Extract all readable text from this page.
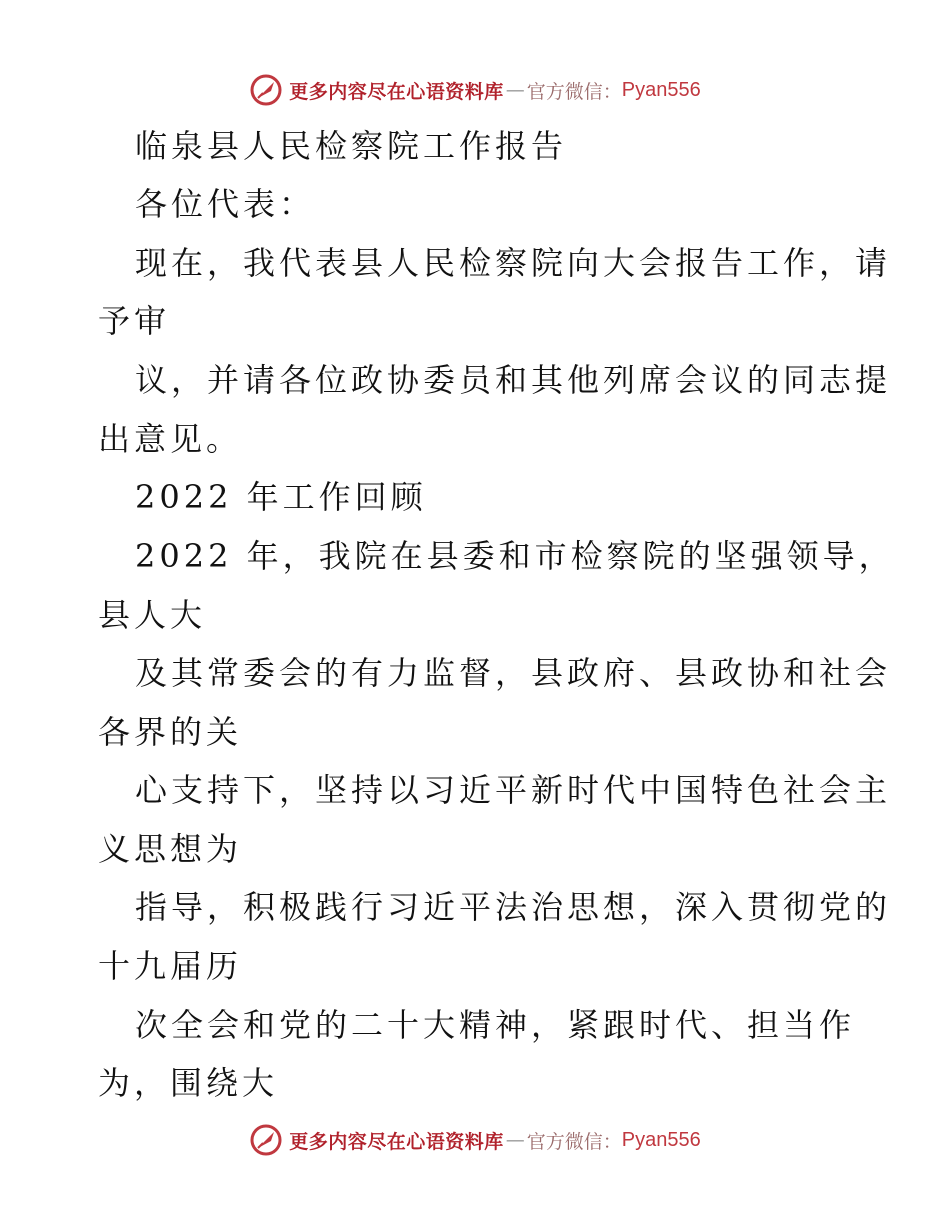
更多内容尽在心语资料库 — 官方微信： Pyan556
临泉县人民检察院工作报告
各位代表：
现在，我代表县人民检察院向大会报告工作，请
予审
议，并请各位政协委员和其他列席会议的同志提
出意见。
2022 年工作回顾
2022 年，我院在县委和市检察院的坚强领导，
县人大
及其常委会的有力监督，县政府、县政协和社会
各界的关
心支持下，坚持以习近平新时代中国特色社会主
义思想为
指导，积极践行习近平法治思想，深入贯彻党的
十九届历
次全会和党的二十大精神，紧跟时代、担当作
为，围绕大
更多内容尽在心语资料库 — 官方微信： Pyan556
